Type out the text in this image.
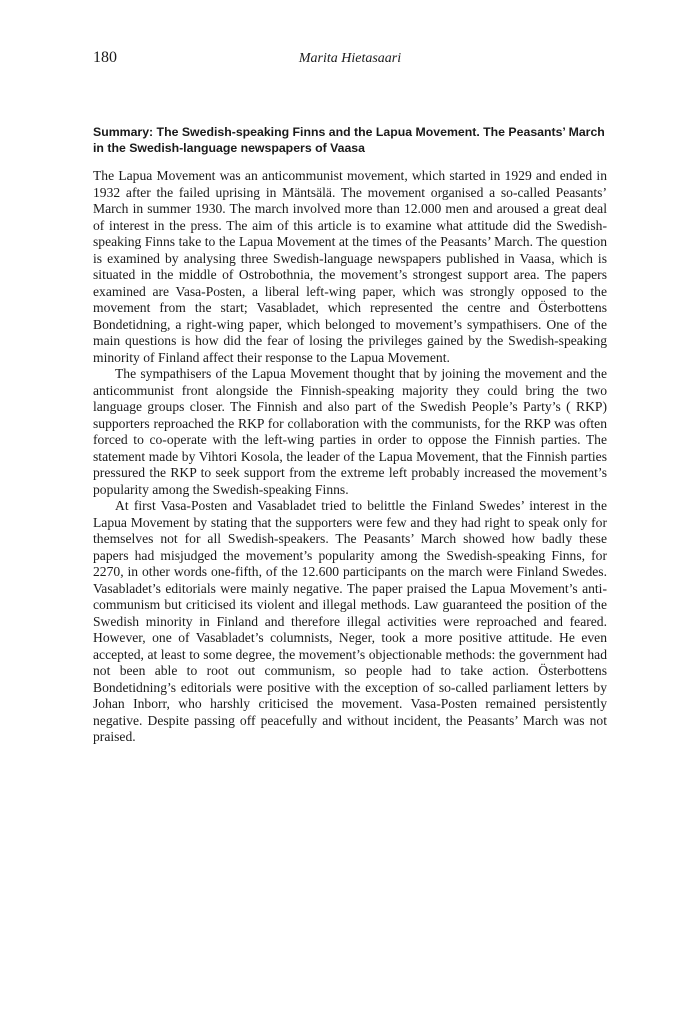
180	Marita Hietasaari
Summary: The Swedish-speaking Finns and the Lapua Movement. The Peasants’ March in the Swedish-language newspapers of Vaasa

The Lapua Movement was an anticommunist movement, which started in 1929 and ended in 1932 after the failed uprising in Mäntsälä. The movement organised a so-called Peasants’ March in summer 1930. The march involved more than 12.000 men and aroused a great deal of interest in the press. The aim of this article is to examine what attitude did the Swedish-speaking Finns take to the Lapua Movement at the times of the Peasants’ March. The question is examined by analysing three Swedish-language newspapers published in Vaasa, which is situated in the middle of Ostrobothnia, the movement’s strongest support area. The papers examined are Vasa-Posten, a liberal left-wing paper, which was strongly opposed to the movement from the start; Vasabladet, which represented the centre and Österbottens Bondetidning, a right-wing paper, which belonged to movement’s sympathisers. One of the main questions is how did the fear of losing the privileges gained by the Swedish-speaking minority of Finland affect their response to the Lapua Movement.

The sympathisers of the Lapua Movement thought that by joining the movement and the anticommunist front alongside the Finnish-speaking majority they could bring the two language groups closer. The Finnish and also part of the Swedish People’s Party’s ( RKP) supporters reproached the RKP for collaboration with the communists, for the RKP was often forced to co-operate with the left-wing parties in order to oppose the Finnish parties. The statement made by Vihtori Kosola, the leader of the Lapua Movement, that the Finnish parties pressured the RKP to seek support from the extreme left probably increased the movement’s popularity among the Swedish-speaking Finns.

At first Vasa-Posten and Vasabladet tried to belittle the Finland Swedes’ interest in the Lapua Movement by stating that the supporters were few and they had right to speak only for themselves not for all Swedish-speakers. The Peasants’ March showed how badly these papers had misjudged the movement’s popularity among the Swedish-speaking Finns, for 2270, in other words one-fifth, of the 12.600 participants on the march were Finland Swedes. Vasabladet’s editorials were mainly negative. The paper praised the Lapua Movement’s anti-communism but criticised its violent and illegal methods. Law guaranteed the position of the Swedish minority in Finland and therefore illegal activities were reproached and feared. However, one of Vasabladet’s columnists, Neger, took a more positive attitude. He even accepted, at least to some degree, the movement’s objectionable methods: the government had not been able to root out communism, so people had to take action. Österbottens Bondetidning’s editorials were positive with the exception of so-called parliament letters by Johan Inborr, who harshly criticised the movement. Vasa-Posten remained persistently negative. Despite passing off peacefully and without incident, the Peasants’ March was not praised.
